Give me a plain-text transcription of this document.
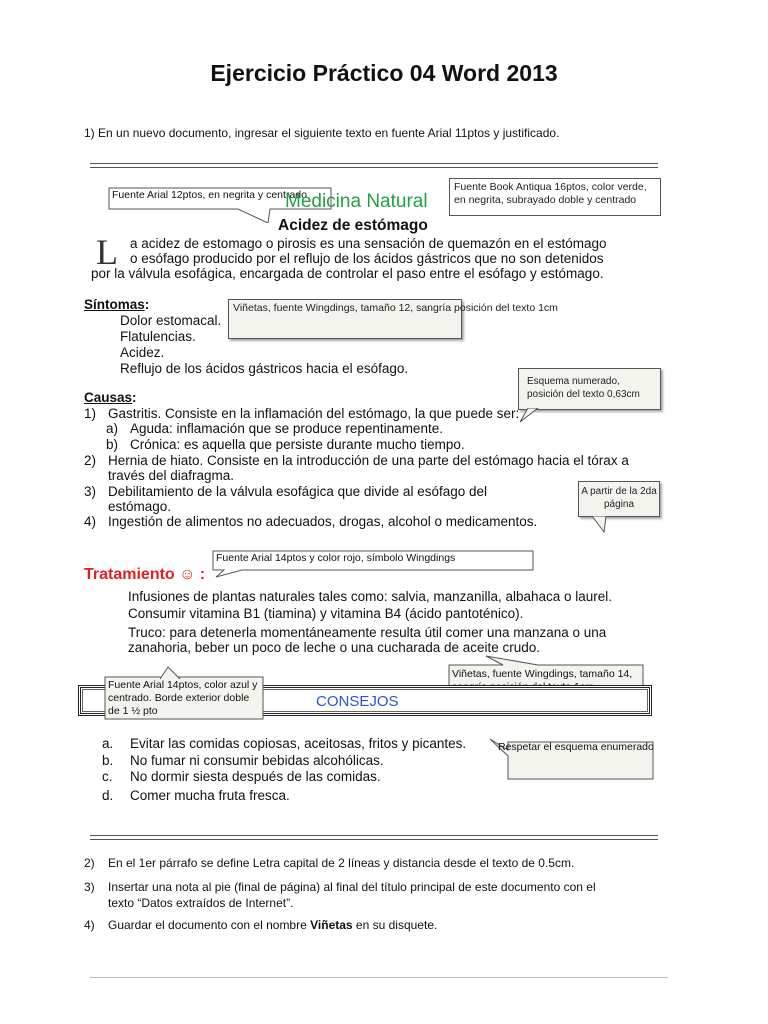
Ejercicio Práctico 04 Word 2013
1) En un nuevo documento, ingresar el siguiente texto en fuente Arial 11ptos y justificado.
Fuente Arial 12ptos, en negrita y centrado
Fuente Book Antiqua 16ptos, color verde, en negrita, subrayado doble y centrado
Medicina Natural
Acidez de estómago
L a acidez de estomago o pirosis es una sensación de quemazón en el estómago
o esófago producido por el reflujo de los ácidos gástricos que no son detenidos
por la válvula esofágica, encargada de controlar el paso entre el esófago y estómago.
Síntomas:	Viñetas, fuente Wingdings, tamaño 12, sangría posición del texto 1cm
Dolor estomacal.
Flatulencias.
Acidez.
Reflujo de los ácidos gástricos hacia el esófago.
Esquema numerado, posición del texto 0,63cm
Causas:
1) Gastritis. Consiste en la inflamación del estómago, la que puede ser:
a) Aguda: inflamación que se produce repentinamente.
b) Crónica: es aquella que persiste durante mucho tiempo.
2) Hernia de hiato. Consiste en la introducción de una parte del estómago hacia el tórax a
través del diafragma.
3) Debilitamiento de la válvula esofágica que divide al esófago del
estómago.
4) Ingestión de alimentos no adecuados, drogas, alcohol o medicamentos.
A partir de la 2da página
Fuente Arial 14ptos y color rojo, símbolo Wingdings
Tratamiento ☺ :
Infusiones de plantas naturales tales como: salvia, manzanilla, albahaca o laurel.
Consumir vitamina B1 (tiamina) y vitamina B4 (ácido pantoténico).
Truco: para detenerla momentáneamente resulta útil comer una manzana o una
zanahoria, beber un poco de leche o una cucharada de aceite crudo.
Viñetas, fuente Wingdings, tamaño 14,
CONSEJOS
Fuente Arial 14ptos, color azul y centrado. Borde exterior doble de 1 ½ pto
a. Evitar las comidas copiosas, aceitosas, fritos y picantes.
b. No fumar ni consumir bebidas alcohólicas.
c. No dormir siesta después de las comidas.
d. Comer mucha fruta fresca.
Respetar el esquema enumerado
2) En el 1er párrafo se define Letra capital de 2 líneas y distancia desde el texto de 0.5cm.
3) Insertar una nota al pie (final de página) al final del título principal de este documento con el
texto “Datos extraídos de Internet”.
4) Guardar el documento con el nombre Viñetas en su disquete.
